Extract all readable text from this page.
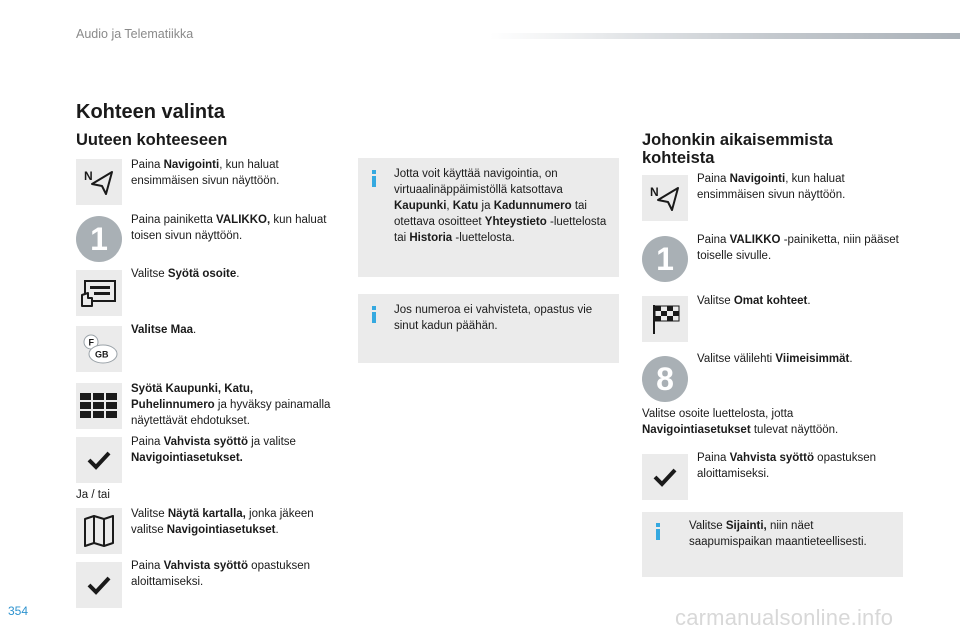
Audio ja Telematiikka
Kohteen valinta
Uuteen kohteeseen
N
Paina Navigointi, kun haluat ensimmäisen sivun näyttöön.
1
Paina painiketta VALIKKO, kun haluat toisen sivun näyttöön.
Valitse Syötä osoite.
F
GB
Valitse Maa.
Syötä Kaupunki, Katu, Puhelinnumero ja hyväksy painamalla näytettävät ehdotukset.
Paina Vahvista syöttö ja valitse Navigointiasetukset.
Ja / tai
Valitse Näytä kartalla, jonka jäkeen valitse Navigointiasetukset.
Paina Vahvista syöttö opastuksen aloittamiseksi.
Jotta voit käyttää navigointia, on virtuaalinäppäimistöllä katsottava Kaupunki, Katu ja Kadunnumero tai otettava osoitteet Yhteystieto -luettelosta tai Historia -luettelosta.
Jos numeroa ei vahvisteta, opastus vie sinut kadun päähän.
Johonkin aikaisemmista kohteista
N
Paina Navigointi, kun haluat ensimmäisen sivun näyttöön.
1
Paina VALIKKO -painiketta, niin pääset toiselle sivulle.
Valitse Omat kohteet.
8
Valitse välilehti Viimeisimmät.
Valitse osoite luettelosta, jotta Navigointiasetukset tulevat näyttöön.
Paina Vahvista syöttö opastuksen aloittamiseksi.
Valitse Sijainti, niin näet saapumispaikan maantieteellisesti.
354	carmanualsonline.info
